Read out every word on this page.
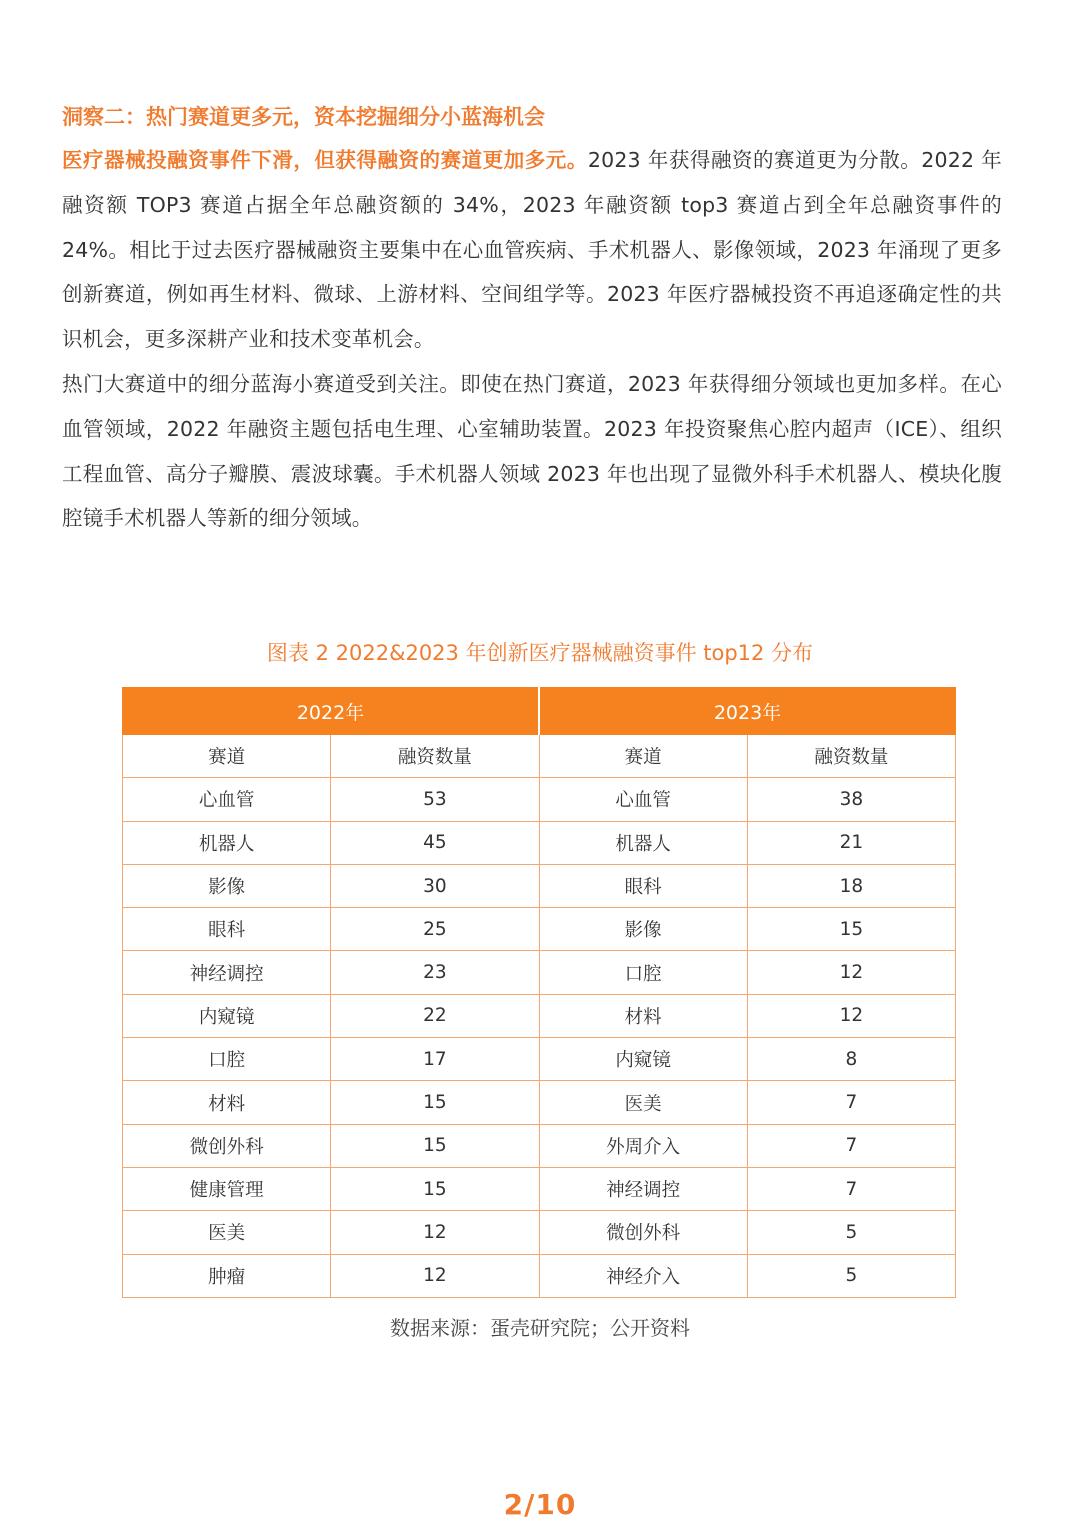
洞察二：热门赛道更多元，资本挖掘细分小蓝海机会

医疗器械投融资事件下滑，但获得融资的赛道更加多元。2023 年获得融资的赛道更为分散。2022 年融资额 TOP3 赛道占据全年总融资额的 34%，2023 年融资额 top3 赛道占到全年总融资事件的 24%。相比于过去医疗器械融资主要集中在心血管疾病、手术机器人、影像领域，2023 年涌现了更多创新赛道，例如再生材料、微球、上游材料、空间组学等。2023 年医疗器械投资不再追逐确定性的共识机会，更多深耕产业和技术变革机会。

热门大赛道中的细分蓝海小赛道受到关注。即使在热门赛道，2023 年获得细分领域也更加多样。在心血管领域，2022 年融资主题包括电生理、心室辅助装置。2023 年投资聚焦心腔内超声（ICE）、组织工程血管、高分子瓣膜、震波球囊。手术机器人领域 2023 年也出现了显微外科手术机器人、模块化腹腔镜手术机器人等新的细分领域。

图表 2 2022&2023 年创新医疗器械融资事件 top12 分布
2022年		2023年	
赛道	融资数量	赛道	融资数量
心血管	53	心血管	38
机器人	45	机器人	21
影像	30	眼科	18
眼科	25	影像	15
神经调控	23	口腔	12
内窥镜	22	材料	12
口腔	17	内窥镜	8
材料	15	医美	7
微创外科	15	外周介入	7
健康管理	15	神经调控	7
医美	12	微创外科	5
肿瘤	12	神经介入	5
数据来源：蛋壳研究院；公开资料
2/10
